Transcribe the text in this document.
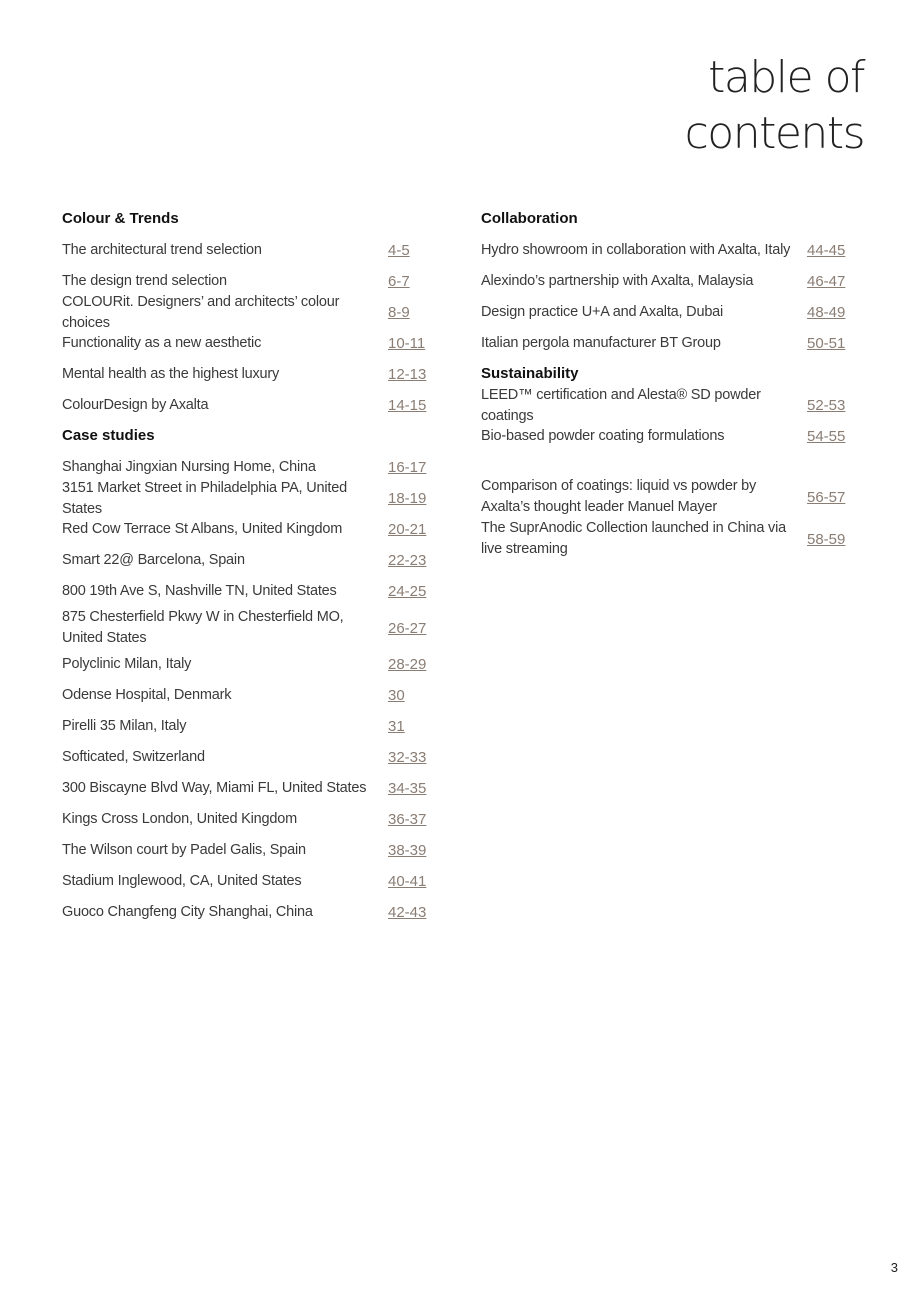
table of
contents
Colour & Trends
The architectural trend selection	4-5
The design trend selection	6-7
COLOURit. Designers’ and architects’ colour choices
8-9
Functionality as a new aesthetic	10-11
Mental health as the highest luxury	12-13
ColourDesign by Axalta	14-15
Case studies
Shanghai Jingxian Nursing Home, China	16-17
3151 Market Street in Philadelphia PA, United States
18-19
Red Cow Terrace St Albans, United Kingdom	20-21
Smart 22@ Barcelona, Spain	22-23
800 19th Ave S, Nashville TN, United States	24-25
875 Chesterfield Pkwy W in Chesterfield MO, United States
26-27
Polyclinic Milan, Italy	28-29
Odense Hospital, Denmark	30
Pirelli 35 Milan, Italy	31
Softicated, Switzerland	32-33
300 Biscayne Blvd Way, Miami FL, United States 34-35
Kings Cross London, United Kingdom	36-37
The Wilson court by Padel Galis, Spain	38-39
Stadium Inglewood, CA, United States	40-41
Guoco Changfeng City Shanghai, China	42-43
Collaboration
Hydro showroom in collaboration with Axalta, Italy	44-45
Alexindo’s partnership with Axalta, Malaysia	46-47
Design practice U+A and Axalta, Dubai	48-49
Italian pergola manufacturer BT Group	50-51
Sustainability
LEED™ certification and Alesta® SD powder coatings
52-53
Bio-based powder coating formulations	54-55
Comparison of coatings: liquid vs powder by Axalta’s thought leader Manuel Mayer
56-57
The SuprAnodic Collection launched in China via live streaming
58-59
3
